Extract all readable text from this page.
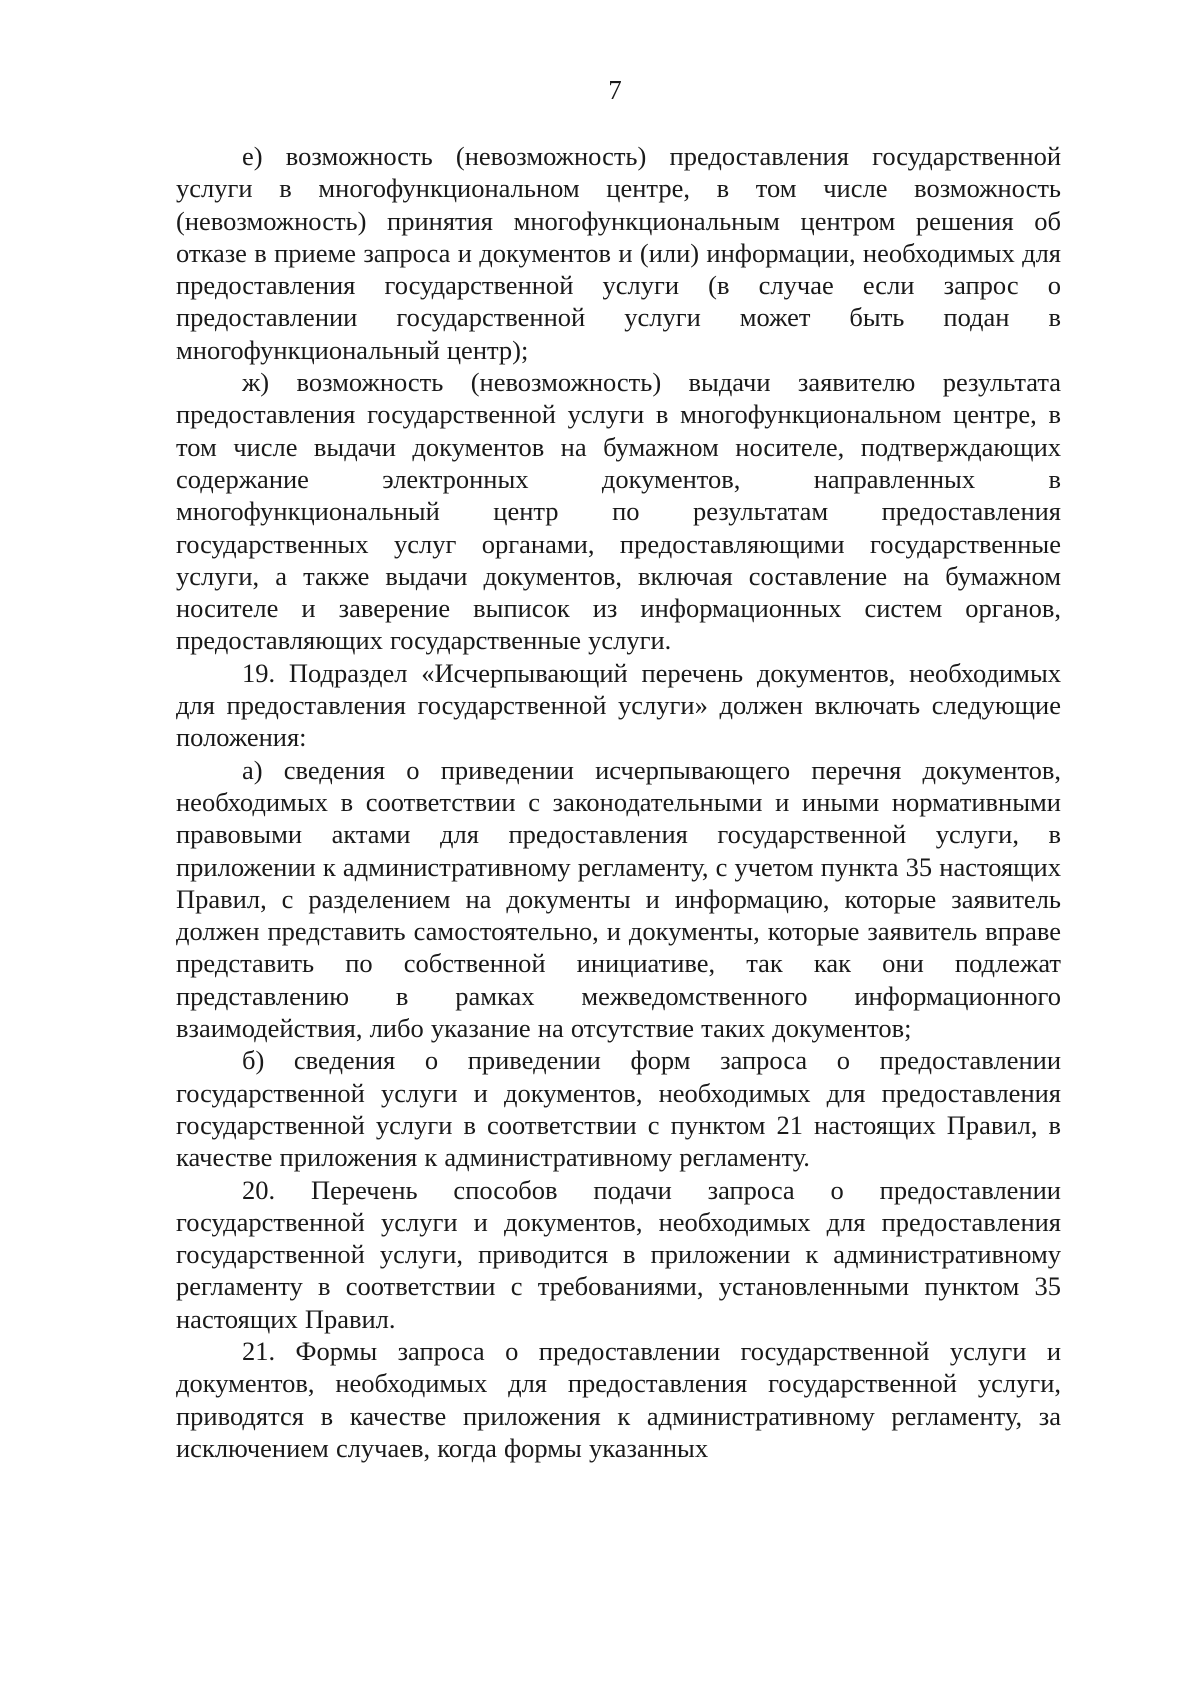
7

е) возможность (невозможность) предоставления государственной услуги в многофункциональном центре, в том числе возможность (невозможность) принятия многофункциональным центром решения об отказе в приеме запроса и документов и (или) информации, необходимых для предоставления государственной услуги (в случае если запрос о предоставлении государственной услуги может быть подан в многофункциональный центр);

ж) возможность (невозможность) выдачи заявителю результата предоставления государственной услуги в многофункциональном центре, в том числе выдачи документов на бумажном носителе, подтверждающих содержание электронных документов, направленных в многофункциональный центр по результатам предоставления государственных услуг органами, предоставляющими государственные услуги, а также выдачи документов, включая составление на бумажном носителе и заверение выписок из информационных систем органов, предоставляющих государственные услуги.

19. Подраздел «Исчерпывающий перечень документов, необходимых для предоставления государственной услуги» должен включать следующие положения:

а) сведения о приведении исчерпывающего перечня документов, необходимых в соответствии с законодательными и иными нормативными правовыми актами для предоставления государственной услуги, в приложении к административному регламенту, с учетом пункта 35 настоящих Правил, с разделением на документы и информацию, которые заявитель должен представить самостоятельно, и документы, которые заявитель вправе представить по собственной инициативе, так как они подлежат представлению в рамках межведомственного информационного взаимодействия, либо указание на отсутствие таких документов;

б) сведения о приведении форм запроса о предоставлении государственной услуги и документов, необходимых для предоставления государственной услуги в соответствии с пунктом 21 настоящих Правил, в качестве приложения к административному регламенту.

20. Перечень способов подачи запроса о предоставлении государственной услуги и документов, необходимых для предоставления государственной услуги, приводится в приложении к административному регламенту в соответствии с требованиями, установленными пунктом 35 настоящих Правил.

21. Формы запроса о предоставлении государственной услуги и документов, необходимых для предоставления государственной услуги, приводятся в качестве приложения к административному регламенту, за исключением случаев, когда формы указанных
